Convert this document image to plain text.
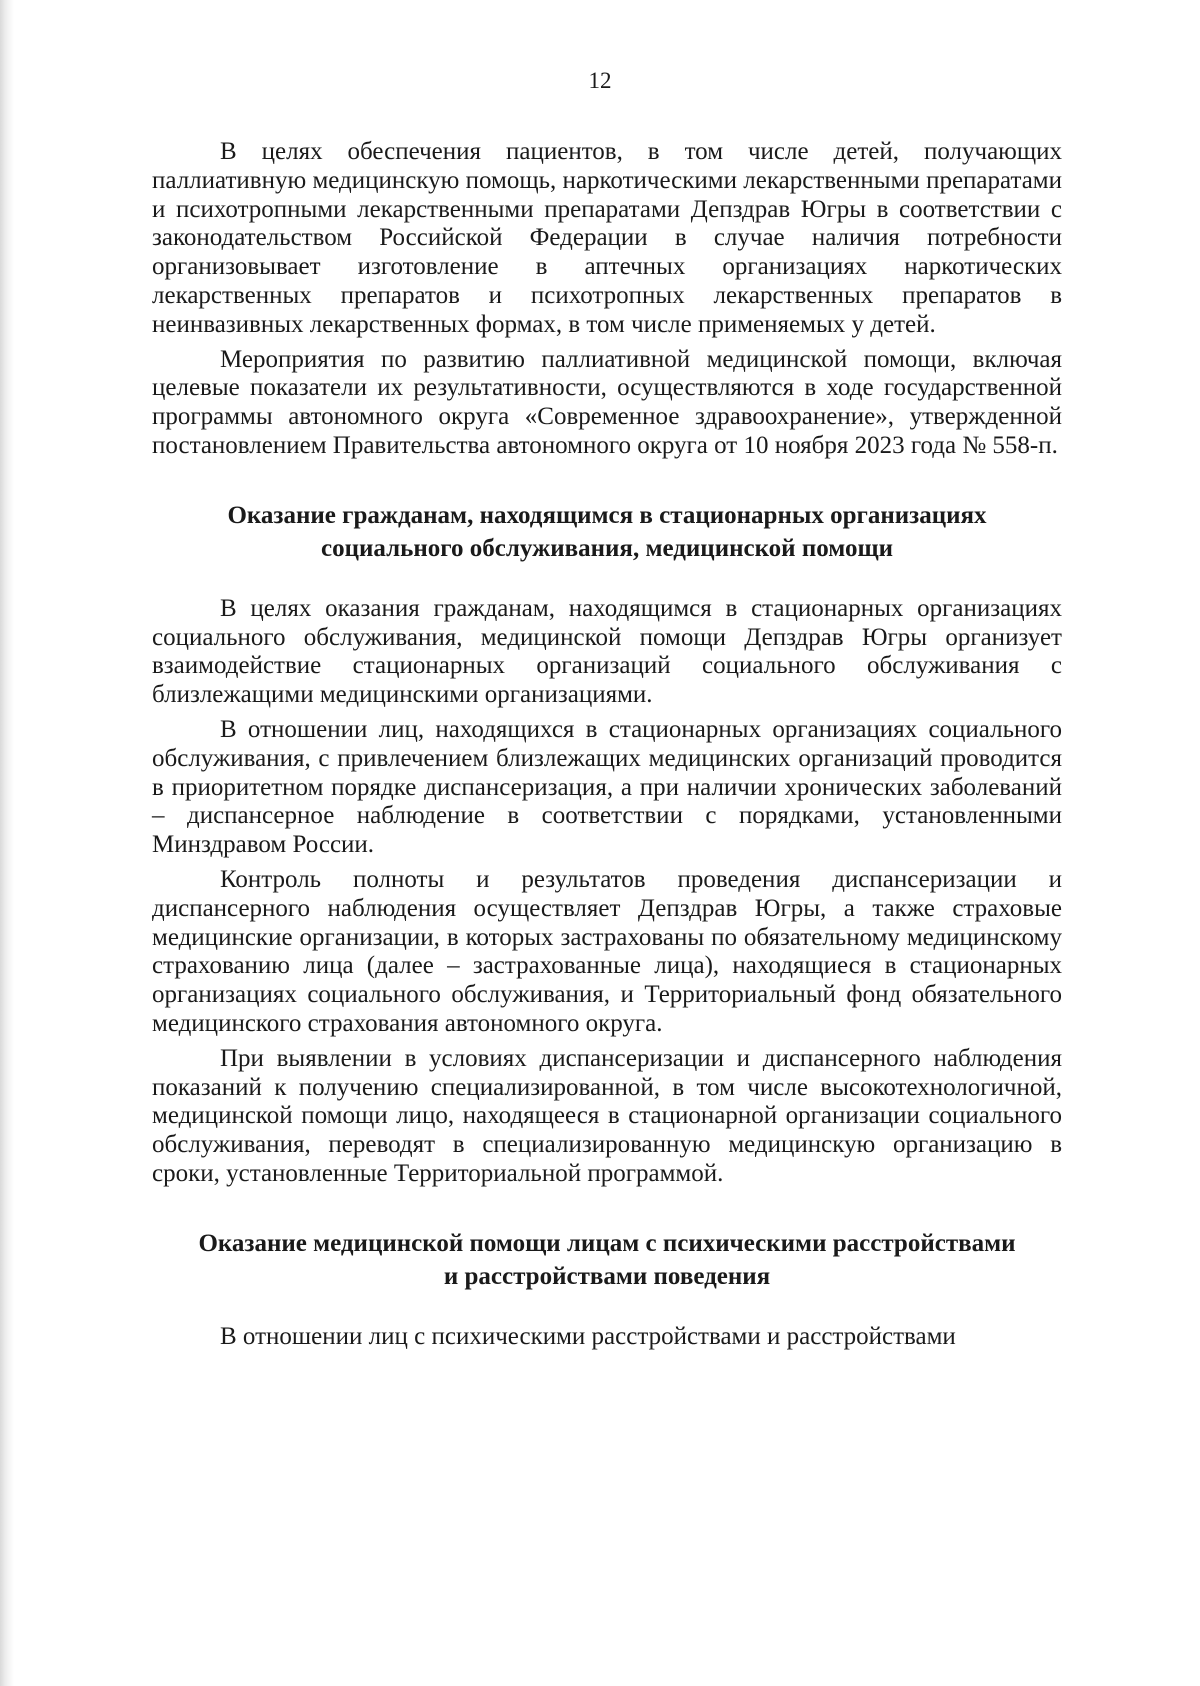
12

В целях обеспечения пациентов, в том числе детей, получающих паллиативную медицинскую помощь, наркотическими лекарственными препаратами и психотропными лекарственными препаратами Депздрав Югры в соответствии с законодательством Российской Федерации в случае наличия потребности организовывает изготовление в аптечных организациях наркотических лекарственных препаратов и психотропных лекарственных препаратов в неинвазивных лекарственных формах, в том числе применяемых у детей.

Мероприятия по развитию паллиативной медицинской помощи, включая целевые показатели их результативности, осуществляются в ходе государственной программы автономного округа «Современное здравоохранение», утвержденной постановлением Правительства автономного округа от 10 ноября 2023 года № 558-п.

Оказание гражданам, находящимся в стационарных организациях
социального обслуживания, медицинской помощи

В целях оказания гражданам, находящимся в стационарных организациях социального обслуживания, медицинской помощи Депздрав Югры организует взаимодействие стационарных организаций социального обслуживания с близлежащими медицинскими организациями.

В отношении лиц, находящихся в стационарных организациях социального обслуживания, с привлечением близлежащих медицинских организаций проводится в приоритетном порядке диспансеризация, а при наличии хронических заболеваний – диспансерное наблюдение в соответствии с порядками, установленными Минздравом России.

Контроль полноты и результатов проведения диспансеризации и диспансерного наблюдения осуществляет Депздрав Югры, а также страховые медицинские организации, в которых застрахованы по обязательному медицинскому страхованию лица (далее – застрахованные лица), находящиеся в стационарных организациях социального обслуживания, и Территориальный фонд обязательного медицинского страхования автономного округа.

При выявлении в условиях диспансеризации и диспансерного наблюдения показаний к получению специализированной, в том числе высокотехнологичной, медицинской помощи лицо, находящееся в стационарной организации социального обслуживания, переводят в специализированную медицинскую организацию в сроки, установленные Территориальной программой.

Оказание медицинской помощи лицам с психическими расстройствами
и расстройствами поведения

В отношении лиц с психическими расстройствами и расстройствами
